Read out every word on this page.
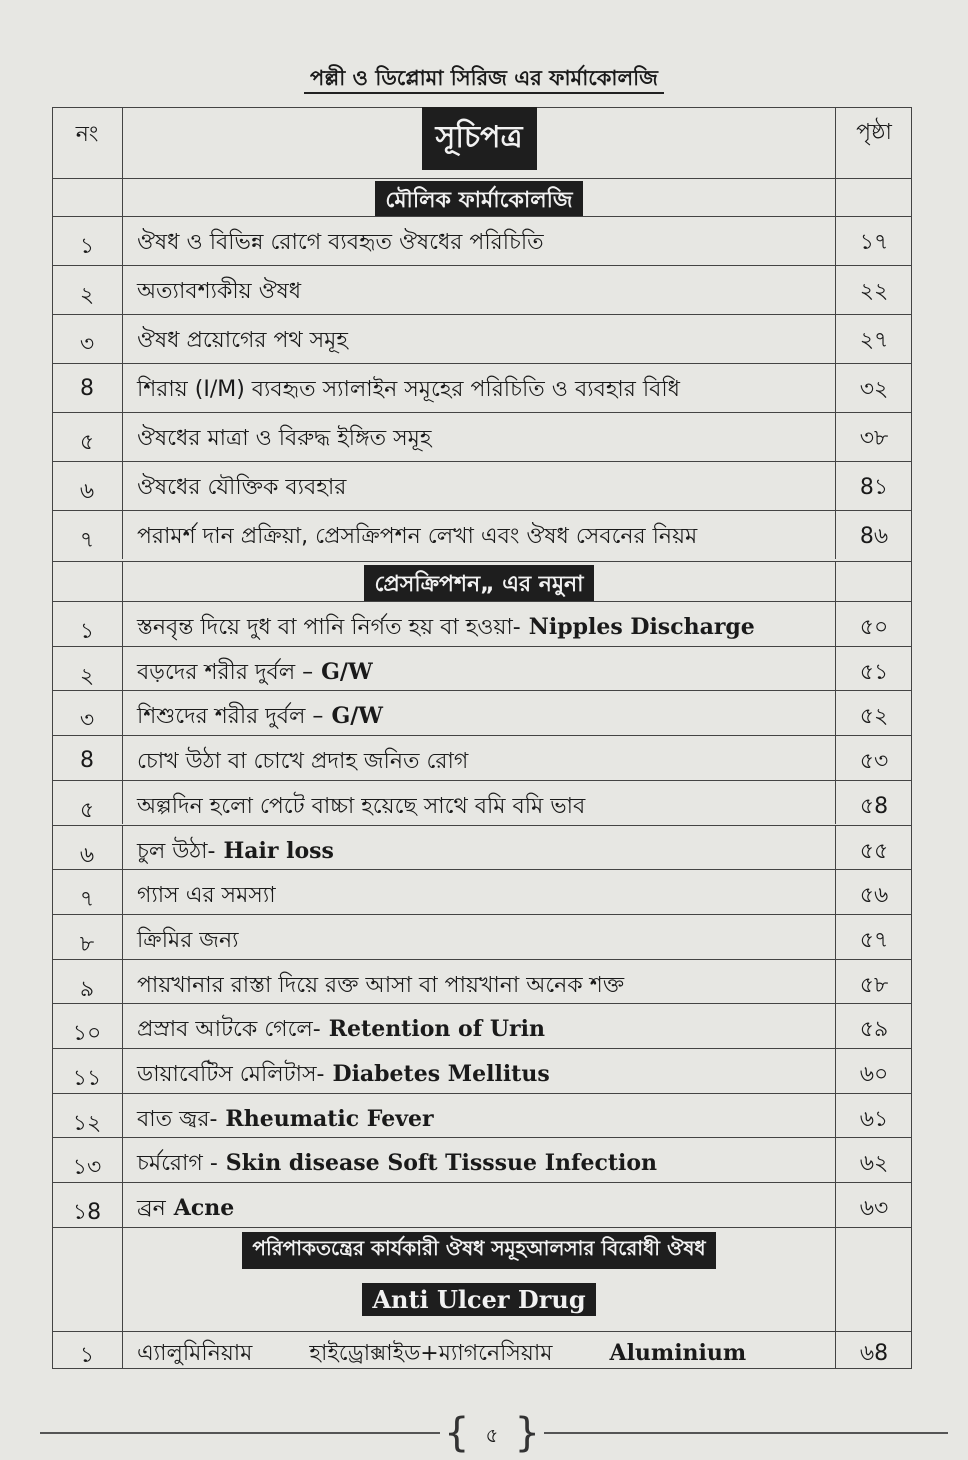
পল্লী ও ডিপ্লোমা সিরিজ এর ফার্মাকোলজি
নং	সূচিপত্র	পৃষ্ঠা
মৌলিক ফার্মাকোলজি
১	ঔষধ ও বিভিন্ন রোগে ব্যবহৃত ঔষধের পরিচিতি	১৭
২	অত্যাবশ্যকীয় ঔষধ	২২
৩	ঔষধ প্রয়োগের পথ সমূহ	২৭
8	শিরায় (I/M) ব্যবহৃত স্যালাইন সমূহের পরিচিতি ও ব্যবহার বিধি	৩২
৫	ঔষধের মাত্রা ও বিরুদ্ধ ইঙ্গিত সমূহ	৩৮
৬	ঔষধের যৌক্তিক ব্যবহার	8১
৭	পরামর্শ দান প্রক্রিয়া, প্রেসক্রিপশন লেখা এবং ঔষধ সেবনের নিয়ম	8৬
প্রেসক্রিপশন„ এর নমুনা
১	স্তনবৃন্ত দিয়ে দুধ বা পানি নির্গত হয় বা হওয়া- Nipples Discharge	৫০
২	বড়দের শরীর দুর্বল – G/W	৫১
৩	শিশুদের শরীর দুর্বল – G/W	৫২
8	চোখ উঠা বা চোখে প্রদাহ জনিত রোগ	৫৩
৫	অল্পদিন হলো পেটে বাচ্চা হয়েছে সাথে বমি বমি ভাব	৫8
৬	চুল উঠা- Hair loss	৫৫
৭	গ্যাস এর সমস্যা	৫৬
৮	ক্রিমির জন্য	৫৭
৯	পায়খানার রাস্তা দিয়ে রক্ত আসা বা পায়খানা অনেক শক্ত	৫৮
১০	প্রস্রাব আটকে গেলে- Retention of Urin	৫৯
১১	ডায়াবেটিস মেলিটাস- Diabetes Mellitus	৬০
১২	বাত জ্বর- Rheumatic Fever	৬১
১৩	চর্মরোগ - Skin disease Soft Tisssue Infection	৬২
১8	ব্রন Acne	৬৩
পরিপাকতন্ত্রের কার্যকারী ঔষধ সমূহআলসার বিরোধী ঔষধ
Anti Ulcer Drug
১	এ্যালুমিনিয়াম	হাইড্রোক্সাইড+ম্যাগনেসিয়াম	Aluminium	৬8
{ ৫ }
